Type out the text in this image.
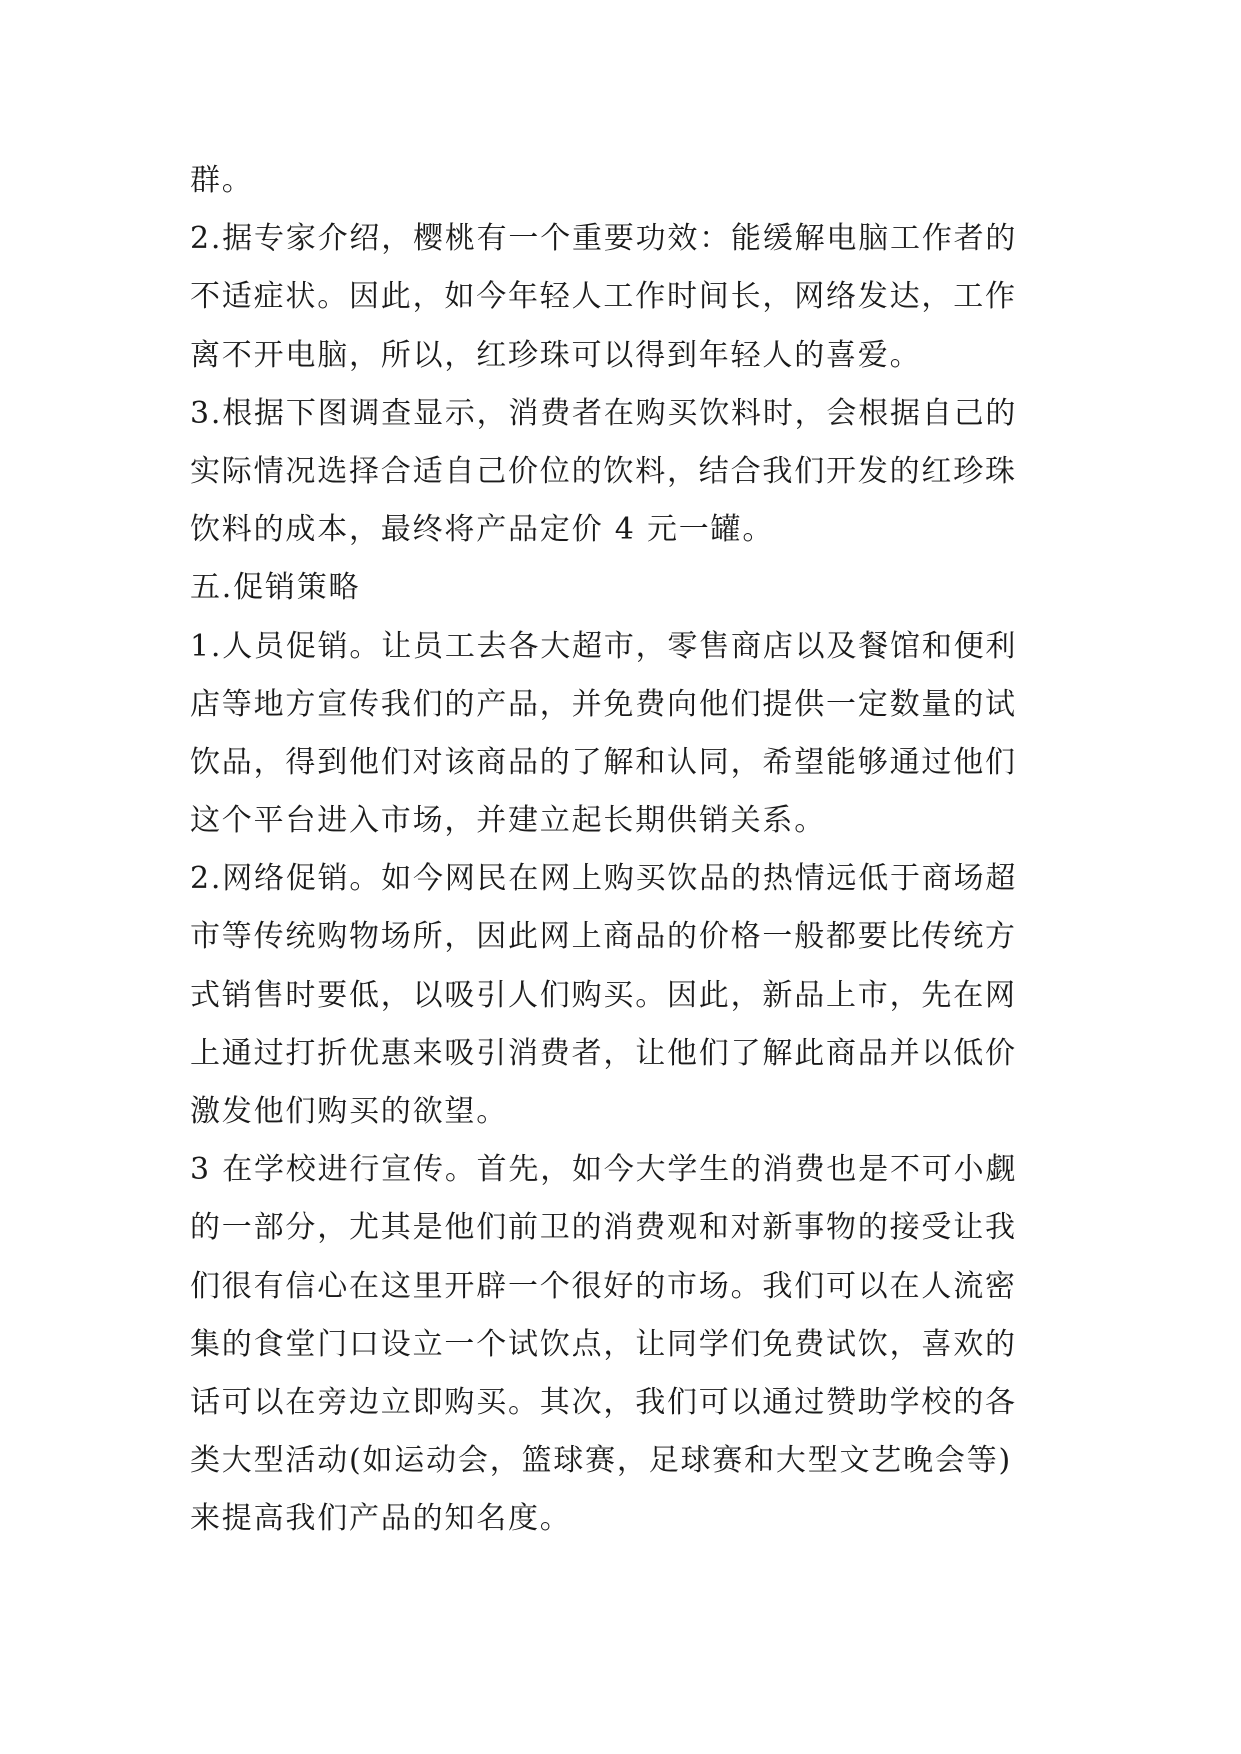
群。
2.据专家介绍，樱桃有一个重要功效：能缓解电脑工作者的
不适症状。因此，如今年轻人工作时间长，网络发达，工作
离不开电脑，所以，红珍珠可以得到年轻人的喜爱。
3.根据下图调查显示，消费者在购买饮料时，会根据自己的
实际情况选择合适自己价位的饮料，结合我们开发的红珍珠
饮料的成本，最终将产品定价 4 元一罐。
五.促销策略
1.人员促销。让员工去各大超市，零售商店以及餐馆和便利
店等地方宣传我们的产品，并免费向他们提供一定数量的试
饮品，得到他们对该商品的了解和认同，希望能够通过他们
这个平台进入市场，并建立起长期供销关系。
2.网络促销。如今网民在网上购买饮品的热情远低于商场超
市等传统购物场所，因此网上商品的价格一般都要比传统方
式销售时要低，以吸引人们购买。因此，新品上市，先在网
上通过打折优惠来吸引消费者，让他们了解此商品并以低价
激发他们购买的欲望。
3 在学校进行宣传。首先，如今大学生的消费也是不可小觑
的一部分，尤其是他们前卫的消费观和对新事物的接受让我
们很有信心在这里开辟一个很好的市场。我们可以在人流密
集的食堂门口设立一个试饮点，让同学们免费试饮，喜欢的
话可以在旁边立即购买。其次，我们可以通过赞助学校的各
类大型活动(如运动会，篮球赛，足球赛和大型文艺晚会等)
来提高我们产品的知名度。
